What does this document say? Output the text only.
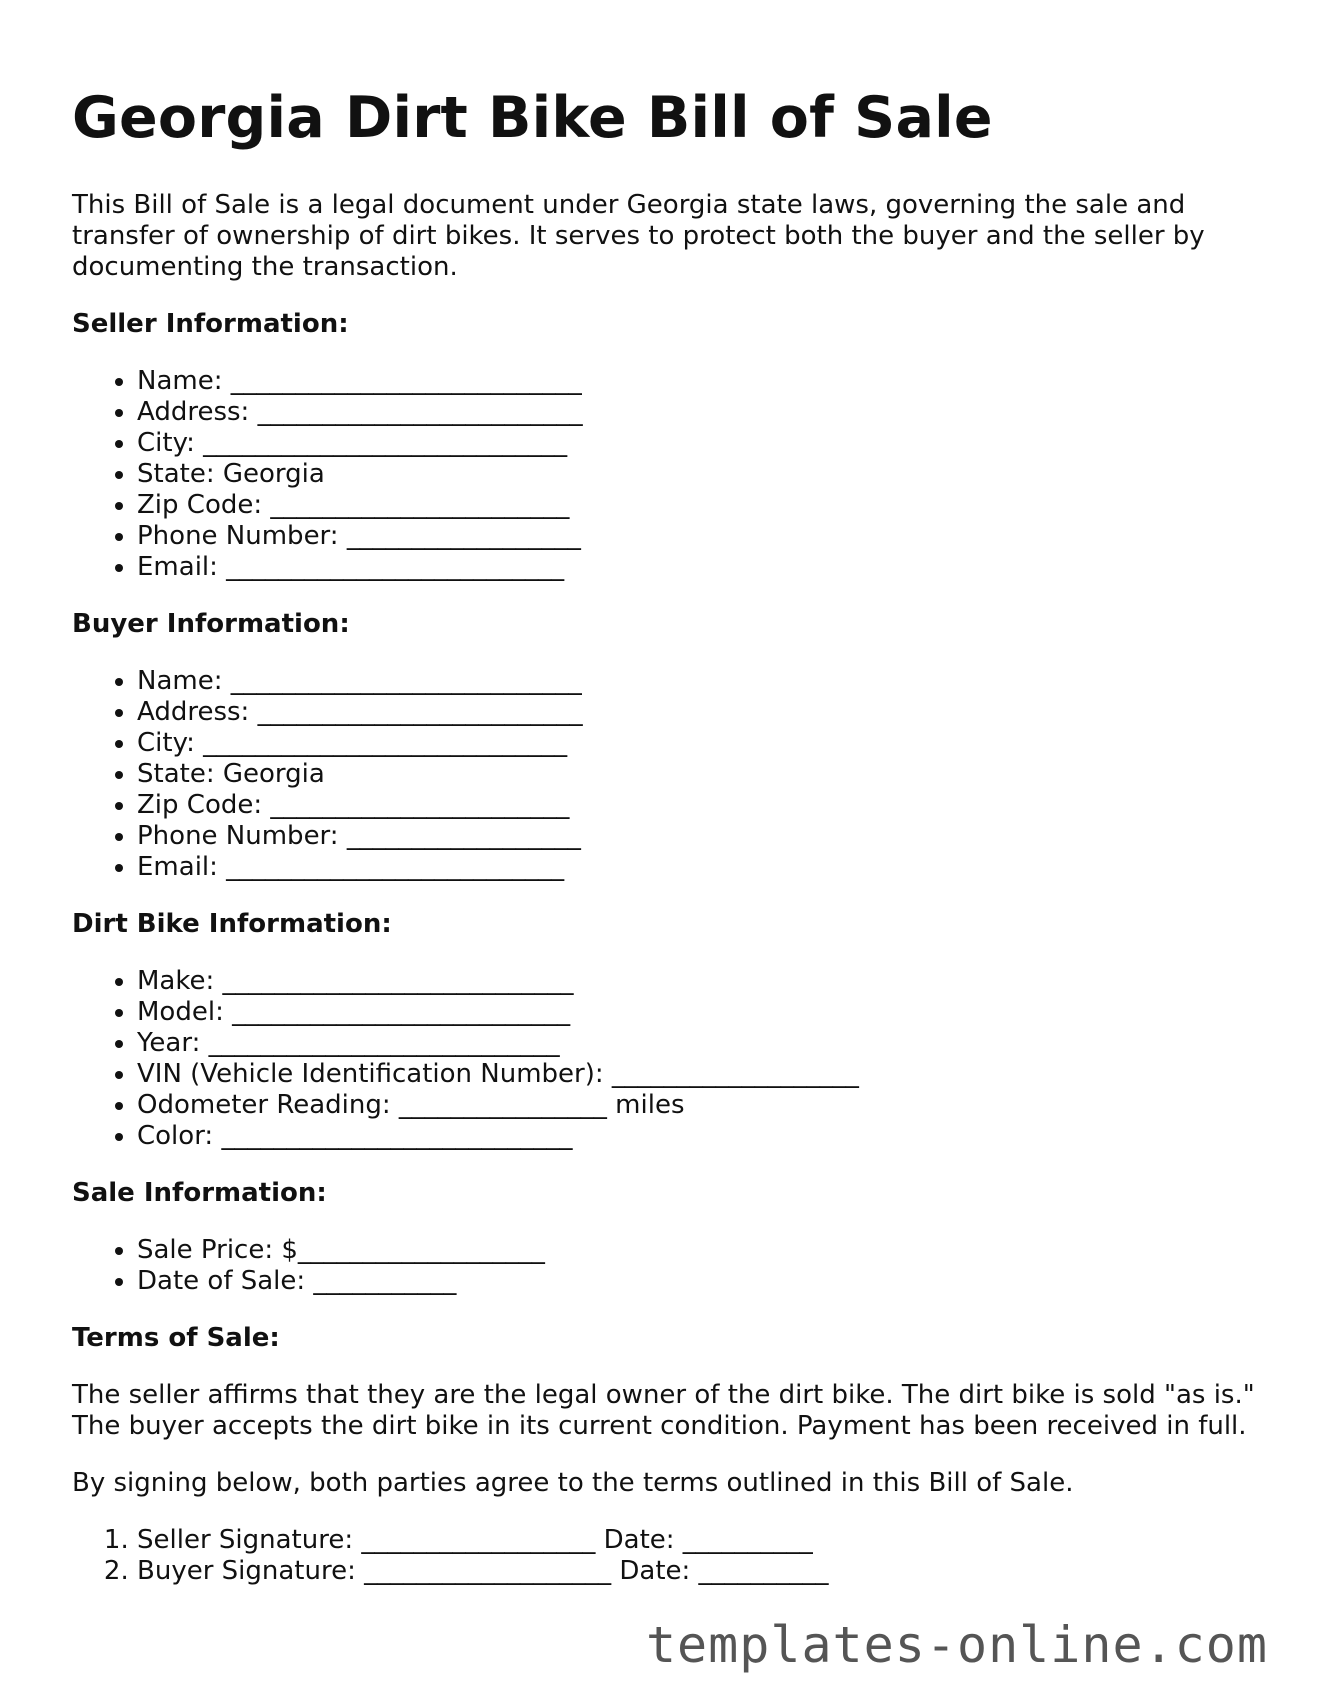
Georgia Dirt Bike Bill of Sale

This Bill of Sale is a legal document under Georgia state laws, governing the sale and transfer of ownership of dirt bikes. It serves to protect both the buyer and the seller by documenting the transaction.

Seller Information:

• Name: ___________________________
• Address: _________________________
• City: ____________________________
• State: Georgia
• Zip Code: _______________________
• Phone Number: __________________
• Email: __________________________

Buyer Information:

• Name: ___________________________
• Address: _________________________
• City: ____________________________
• State: Georgia
• Zip Code: _______________________
• Phone Number: __________________
• Email: __________________________

Dirt Bike Information:

• Make: ___________________________
• Model: __________________________
• Year: ___________________________
• VIN (Vehicle Identification Number): ___________________
• Odometer Reading: ________________ miles
• Color: ___________________________

Sale Information:

• Sale Price: $___________________
• Date of Sale: ___________

Terms of Sale:

The seller affirms that they are the legal owner of the dirt bike. The dirt bike is sold "as is." The buyer accepts the dirt bike in its current condition. Payment has been received in full.

By signing below, both parties agree to the terms outlined in this Bill of Sale.

1. Seller Signature: __________________ Date: __________
2. Buyer Signature: ___________________ Date: __________
templates-online.com
